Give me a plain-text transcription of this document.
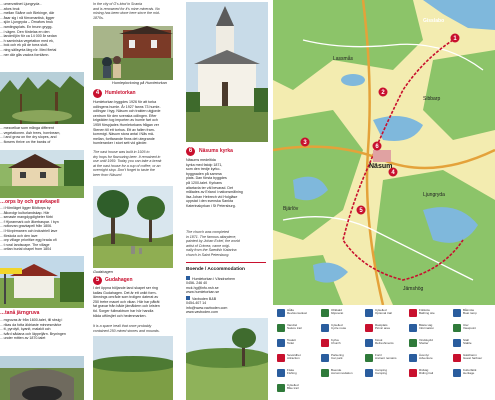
…umervattnet Ljungryda -
…afors bruk
…mellan Skåne och Blekinge, där
…åsar sig i nå förromantisk, ligger
…sjön Ljungryda – Örnafors bruk
…ramlingsplats. En brunn grygg-
…i vägen. Den fördelas en den
…landmiljön för ca 14 000 år sedan
…h saminiska vegetation med ek,
…bok och ek på de torra slutt-
…ning sällsynta lärg rör. Med flertal
…ner där gås vackra fornlämn.
…mezoelkar som många different
…vegetationen. Ash trees, hornbeam,
…l and grow on the dry slopes, and
…flowers thrive on the banks of
…orps by och gravkapell
…i Hörnläget ligger Bildtorps by
…ålkorolgr kulturlandskap. Här
…senaste mangdygdigheter förbi
…f Hjorarmark och åkerbaspar. I byn
…ndtorvan gravkapell från 1806.
…l Hövpirmanen och industriell lave
…förskola och den lave
…orp village prioritize egg brada ofi
…t rural landscape. The village
…ortian burial chapel from 1804
…tanå järngruva
…mgruvas är från 1600-talet, till sbsig i
…rikas da fotta äldriaste minnesmärke
…tt, pyrolyti, kyanit, malakit och
…tvård sådana och läppeljärn. Bryningen
…under mitten av 1870-talet
In the city of Ö's kind in Scania
and is renowned for it's mine minerals. No
mining has been done here since the mid-
1870s.
Humleplockning på Humletorkan
4	Humletorkan
Humletorkan byggdes 1926 för att torka
odlingens humle. År 1927 fanns 73 humle-
odlingar i byg. Näsum och trakten utgjorde
centrum för den svenska odlingen. Efter
krigstiden tog importen av humle fart och
1959 förspjades Humletorkans frågan ver
Stenen till ett torhus. Ett av fallen fram-
kommigt. Näsum stora antal i Nås mä-
mellan, fortfarande finns det utegrande
humleranker i stort sett vid gärder.
The oast house was built in 1926 to
dry hops for flavouring beer. It remained in
use until 1959. Today you can take a break
at the oast house for a cup of coffee, or an
overnight stop. Don't forget to taste the
beer from Näsum!
Gudahagen
5	Gudahagen
I det öppna böljande land skapet ser ring
kallas Gudahagen. Det är ett unikt form-
lämnings område som troligen daterat av
250 tretre macet och vikan. Här har påträt
fat gravar från både järnåldern och kristen
tid. Sorger fullmaktrum har hör handla
båda utförsjtet och hedenmarken.
It is a space ireall that once probably
contained 250 mined stones and mounds.
6	Näsums kyrka
Näsums medeltida
kyrka med fatolp 1871,
som den tredje kyrko-
byggnaden på samma
plats. Dan första byggdes
på 1200-talet. Kyrkans
altartavla ter väl bevarad. Det
målades av Erland i nationsmålning
lisa Johan Hebrech vid Holgläse
uppstat i den svenska Sankta
Katerinakyrkan i St Petersburg.
The church was completed
in 1871. The famous altarpiece,
painted by Johan Eckel, the world
artist of Crimea, came origi-
nally from the Swedish Katarina
church in Saint Petersburg.
Boende / Accommodation
Humletorkan i Vändrarhem
0456- 246 40
mck.hg@info.nsh.se
www.humletorkan.se
Vavboden B&B
0454-407 14
info@www.vavboden.com
www.vavboden.com
1
2
3
4
5
6
Gisslabo
Lassmås
Sibbarp
Näsum
Bjärlöv
Ljungryda
Jämshög
Hålla
Revisionsväxel
Ofikkald
biljonerat
Cykelled
Optional trail
Föttkola
Bathing site
Båtmöte
Boat ramp
Vandrel
Nature trail
Cykelled
Cycle route
Rastplats
Picnic area
Bästa väg
Information
Uter
Viewpoint
Toalett
Toilet
Kyrka
Church
Kiosk
Refreshments
Vindskydd
Shelter
Stall
Stable
Sevärdhet
Attraction
Parkering
Car park
Fornl
Ancient remains
Äventyr
Adventure
Gästhamn
Guest harbour
Fiske
Fishing
Boende
Accommodation
Camping
Camping
Ridväg
Riding trail
Kulturfatik
Heritage
Cykelled
Bike trail
